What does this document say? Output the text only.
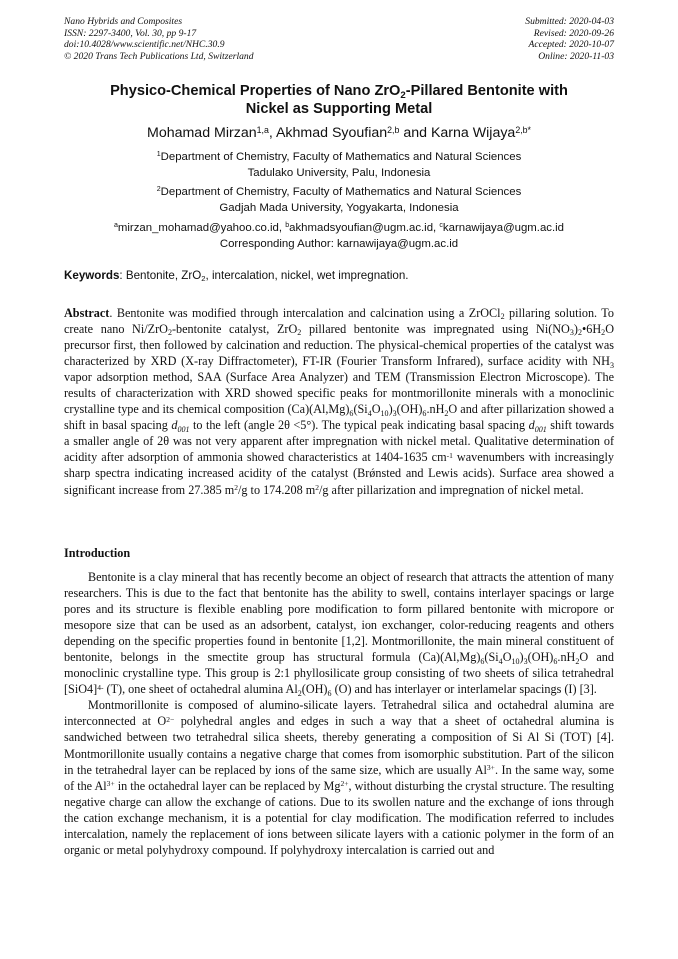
Nano Hybrids and Composites
ISSN: 2297-3400, Vol. 30, pp 9-17
doi:10.4028/www.scientific.net/NHC.30.9
© 2020 Trans Tech Publications Ltd, Switzerland
Submitted: 2020-04-03
Revised: 2020-09-26
Accepted: 2020-10-07
Online: 2020-11-03
Physico-Chemical Properties of Nano ZrO$_2$-Pillared Bentonite with
Nickel as Supporting Metal
Mohamad Mirzan$^{1,a}$, Akhmad Syoufian$^{2,b}$ and Karna Wijaya$^{2,b*}$
$^1$Department of Chemistry, Faculty of Mathematics and Natural Sciences
Tadulako University, Palu, Indonesia
$^2$Department of Chemistry, Faculty of Mathematics and Natural Sciences
Gadjah Mada University, Yogyakarta, Indonesia
$^a$mirzan_mohamad@yahoo.co.id, $^b$akhmadsyoufian@ugm.ac.id, $^c$karnawijaya@ugm.ac.id
Corresponding Author: karnawijaya@ugm.ac.id
Keywords: Bentonite, ZrO$_2$, intercalation, nickel, wet impregnation.
Abstract. Bentonite was modified through intercalation and calcination using a ZrOCl$_2$ pillaring solution. To create nano Ni/ZrO$_2$-bentonite catalyst, ZrO$_2$ pillared bentonite was impregnated using $Ni(NO_3)_2•6H_2O$ precursor first, then followed by calcination and reduction. The physical-chemical properties of the catalyst was characterized by XRD (X-ray Diffractometer), FT-IR (Fourier Transform Infrared), surface acidity with $NH_3$ vapor adsorption method, SAA (Surface Area Analyzer) and TEM (Transmission Electron Microscope). The results of characterization with XRD showed specific peaks for montmorillonite minerals with a monoclinic crystalline type and its chemical composition $(Ca)(Al,Mg)_6(Si_4O_{10})_3(OH)_6.nH_2O$ and after pillarization showed a shift in basal spacing $d_{001}$ to the left (angle 2θ <5°). The typical peak indicating basal spacing $d_{001}$ shift towards a smaller angle of 2θ was not very apparent after impregnation with nickel metal. Qualitative determination of acidity after adsorption of ammonia showed characteristics at 1404-1635 $cm^{-1}$ wavenumbers with increasingly sharp spectra indicating increased acidity of the catalyst (Brǿnsted and Lewis acids). Surface area showed a significant increase from 27.385 $m^2/g$ to 174.208 $m^2/g$ after pillarization and impregnation of nickel metal.
Introduction

Bentonite is a clay mineral that has recently become an object of research that attracts the attention of many researchers. This is due to the fact that bentonite has the ability to swell, contains interlayer spacings or large pores and its structure is flexible enabling pore modification to form pillared bentonite with micropore or mesopore size that can be used as an adsorbent, catalyst, ion exchanger, color-reducing reagents and others depending on the specific properties found in bentonite [1,2]. Montmorillonite, the main mineral constituent of bentonite, belongs in the smectite group has structural formula $(Ca)(Al,Mg)_6(Si_4O_{10})_3(OH)_6.nH_2O$ and monoclinic crystalline type. This group is 2:1 phyllosilicate group consisting of two sheets of silica tetrahedral $[SiO4]^{4-}$ (T), one sheet of octahedral alumina $Al_2(OH)_6$ (O) and has interlayer or interlamelar spacings (I) [3].

Montmorillonite is composed of alumino-silicate layers. Tetrahedral silica and octahedral alumina are interconnected at $O^{2-}$ polyhedral angles and edges in such a way that a sheet of octahedral alumina is sandwiched between two tetrahedral silica sheets, thereby generating a composition of Si Al Si (TOT) [4]. Montmorillonite usually contains a negative charge that comes from isomorphic substitution. Part of the silicon in the tetrahedral layer can be replaced by ions of the same size, which are usually $Al^{3+}$. In the same way, some of the $Al^{3+}$ in the octahedral layer can be replaced by $Mg^{2+}$, without disturbing the crystal structure. The resulting negative charge can allow the exchange of cations. Due to its swollen nature and the exchange of ions through the cation exchange mechanism, it is a potential for clay modification. The modification referred to includes intercalation, namely the replacement of ions between silicate layers with a cationic polymer in the form of an organic or metal polyhydroxy compound. If polyhydroxy intercalation is carried out and
